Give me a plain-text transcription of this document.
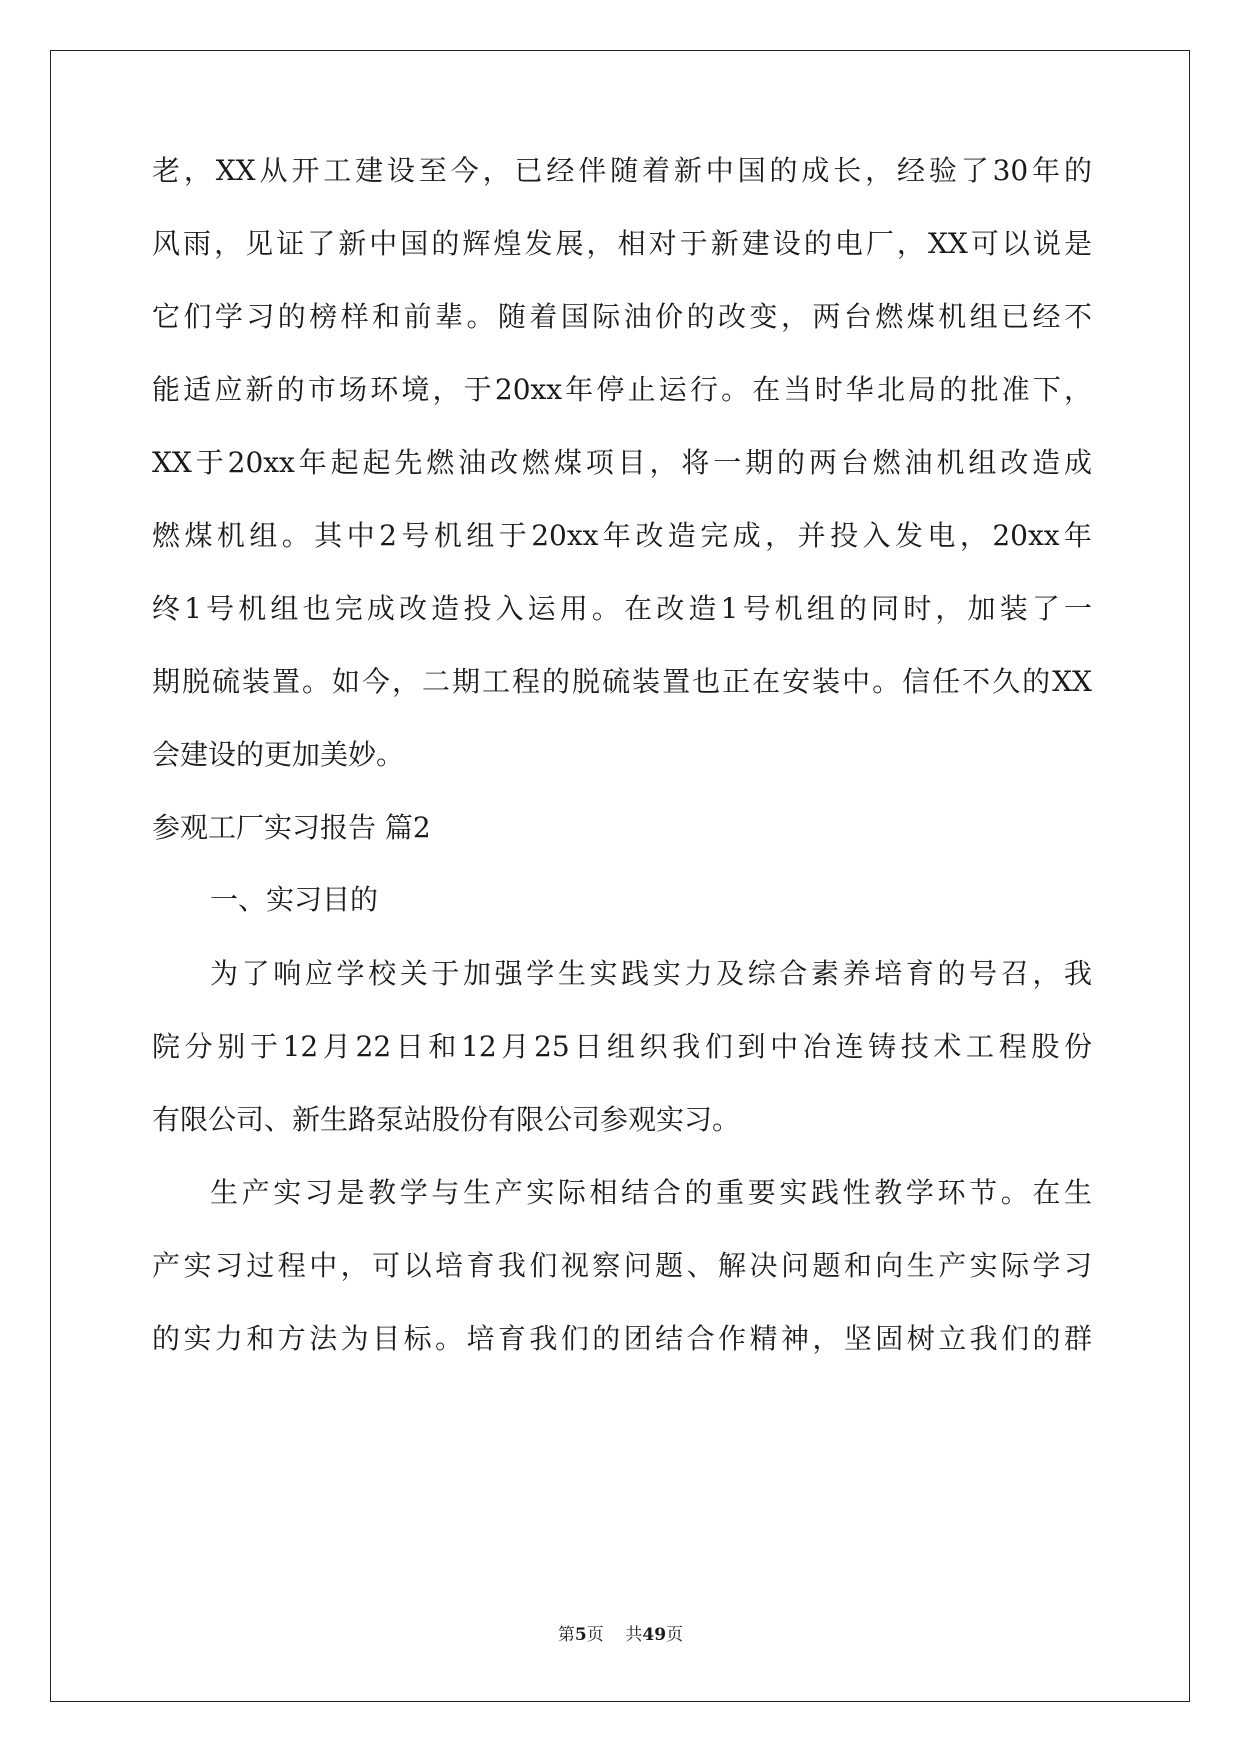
老，XX从开工建设至今，已经伴随着新中国的成长，经验了30年的
风雨，见证了新中国的辉煌发展，相对于新建设的电厂，XX可以说是
它们学习的榜样和前辈。随着国际油价的改变，两台燃煤机组已经不
能适应新的市场环境，于20xx年停止运行。在当时华北局的批准下，
XX于20xx年起起先燃油改燃煤项目，将一期的两台燃油机组改造成
燃煤机组。其中2号机组于20xx年改造完成，并投入发电，20xx年
终1号机组也完成改造投入运用。在改造1号机组的同时，加装了一
期脱硫装置。如今，二期工程的脱硫装置也正在安装中。信任不久的XX
会建设的更加美妙。
参观工厂实习报告 篇2
一、实习目的
为了响应学校关于加强学生实践实力及综合素养培育的号召，我
院分别于12月22日和12月25日组织我们到中冶连铸技术工程股份
有限公司、新生路泵站股份有限公司参观实习。
生产实习是教学与生产实际相结合的重要实践性教学环节。在生
产实习过程中，可以培育我们视察问题、解决问题和向生产实际学习
的实力和方法为目标。培育我们的团结合作精神，坚固树立我们的群
第5页 共49页
